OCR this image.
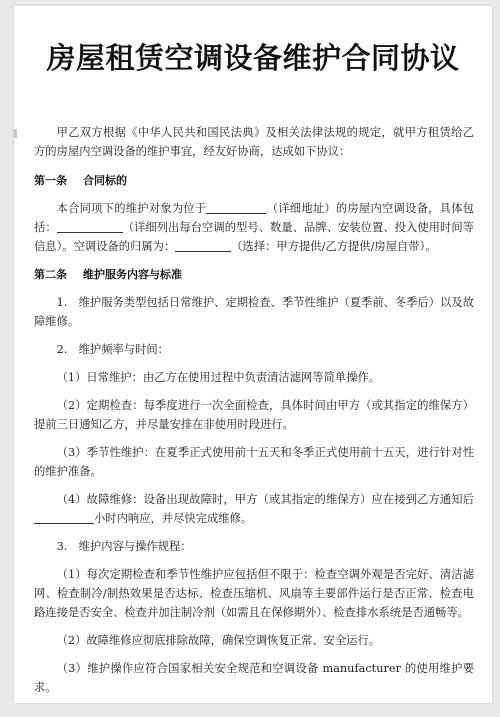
房屋租赁空调设备维护合同协议

甲乙双方根据《中华人民共和国民法典》及相关法律法规的规定，就甲方租赁给乙方的房屋内空调设备的维护事宜，经友好协商，达成如下协议：

第一条 合同标的

本合同项下的维护对象为位于	（详细地址）的房屋内空调设备，具体包括：	（详细列出每台空调的型号、数量、品牌、安装位置、投入使用时间等信息）。空调设备的归属为：	（选择：甲方提供/乙方提供/房屋自带）。

第二条 维护服务内容与标准

1. 维护服务类型包括日常维护、定期检查、季节性维护（夏季前、冬季后）以及故障维修。

2. 维护频率与时间：

（1）日常维护：由乙方在使用过程中负责清洁滤网等简单操作。

（2）定期检查：每季度进行一次全面检查，具体时间由甲方（或其指定的维保方）提前三日通知乙方，并尽量安排在非使用时段进行。

（3）季节性维护：在夏季正式使用前十五天和冬季正式使用前十五天，进行针对性的维护准备。

（4）故障维修：设备出现故障时，甲方（或其指定的维保方）应在接到乙方通知后小时内响应，并尽快完成维修。

3. 维护内容与操作规程：

（1）每次定期检查和季节性维护应包括但不限于：检查空调外观是否完好、清洁滤网、检查制冷/制热效果是否达标、检查压缩机、风扇等主要部件运行是否正常、检查电路连接是否安全、检查并加注制冷剂（如需且在保修期外）、检查排水系统是否通畅等。

（2）故障维修应彻底排除故障，确保空调恢复正常、安全运行。

（3）维护操作应符合国家相关安全规范和空调设备 manufacturer 的使用维护要求。
